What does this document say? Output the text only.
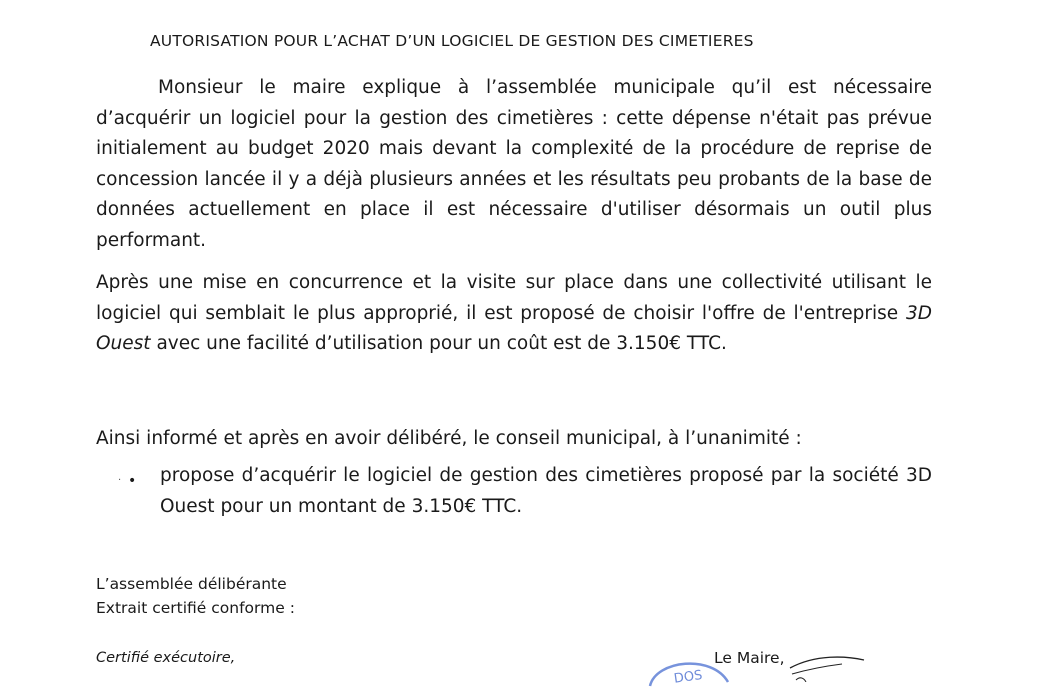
AUTORISATION POUR L’ACHAT D’UN LOGICIEL DE GESTION DES CIMETIERES

Monsieur le maire explique à l’assemblée municipale qu’il est nécessaire d’acquérir un logiciel pour la gestion des cimetières : cette dépense n'était pas prévue initialement au budget 2020 mais devant la complexité de la procédure de reprise de concession lancée il y a déjà plusieurs années et les résultats peu probants de la base de données actuellement en place il est nécessaire d'utiliser désormais un outil plus performant.

Après une mise en concurrence et la visite sur place dans une collectivité utilisant le logiciel qui semblait le plus approprié, il est proposé de choisir l'offre de l'entreprise 3D Ouest avec une facilité d’utilisation pour un coût est de 3.150€ TTC.

Ainsi informé et après en avoir délibéré, le conseil municipal, à l’unanimité :

· • propose d’acquérir le logiciel de gestion des cimetières proposé par la société 3D Ouest pour un montant de 3.150€ TTC.

L’assemblée délibérante

Extrait certifié conforme :

Certifié exécutoire,

DOS

Le Maire,
